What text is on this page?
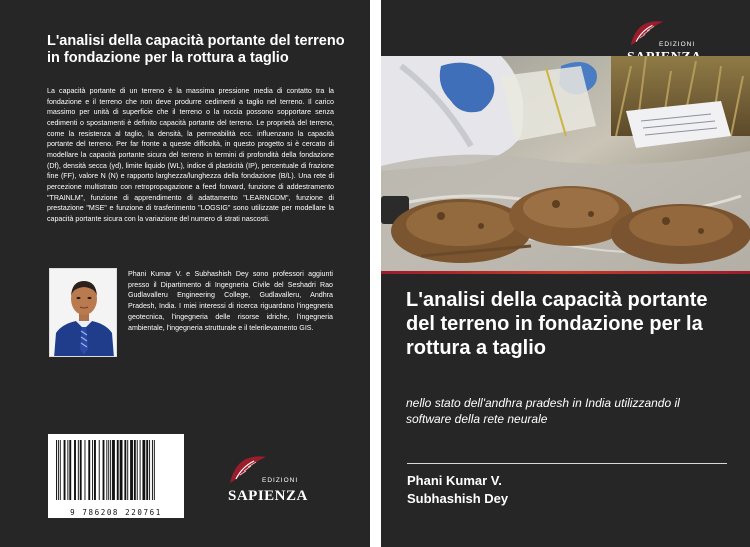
L'analisi della capacità portante del terreno in fondazione per la rottura a taglio
La capacità portante di un terreno è la massima pressione media di contatto tra la fondazione e il terreno che non deve produrre cedimenti a taglio nel terreno. Il carico massimo per unità di superficie che il terreno o la roccia possono sopportare senza cedimenti o spostamenti è definito capacità portante del terreno. Le proprietà del terreno, come la resistenza al taglio, la densità, la permeabilità ecc. influenzano la capacità portante del terreno. Per far fronte a queste difficoltà, in questo progetto si è cercato di modellare la capacità portante sicura del terreno in termini di profondità della fondazione (Df), densità secca (γd), limite liquido (WL), indice di plasticità (IP), percentuale di frazione fine (FF), valore N (N) e rapporto larghezza/lunghezza della fondazione (B/L). Una rete di percezione multistrato con retropropagazione a feed forward, funzione di addestramento "TRAINLM", funzione di apprendimento di adattamento "LEARNGDM", funzione di prestazione "MSE" e funzione di trasferimento "LOGSIG" sono utilizzate per modellare la capacità portante sicura con la variazione del numero di strati nascosti.
Phani Kumar V. e Subhashish Dey sono professori aggiunti presso il Dipartimento di Ingegneria Civile del Seshadri Rao Gudlavalleru Engineering College, Gudlavalleru, Andhra Pradesh, India. I miei interessi di ricerca riguardano l'ingegneria geotecnica, l'ingegneria delle risorse idriche, l'ingegneria ambientale, l'ingegneria strutturale e il telerilevamento GIS.
9 786208 220761
EDIZIONI
SAPIENZA
EDIZIONI
L'analisi della capacità portante del terreno in fondazione per la rottura a taglio
nello stato dell'andhra pradesh in India utilizzando il software della rete neurale
Phani Kumar V.
Subhashish Dey
